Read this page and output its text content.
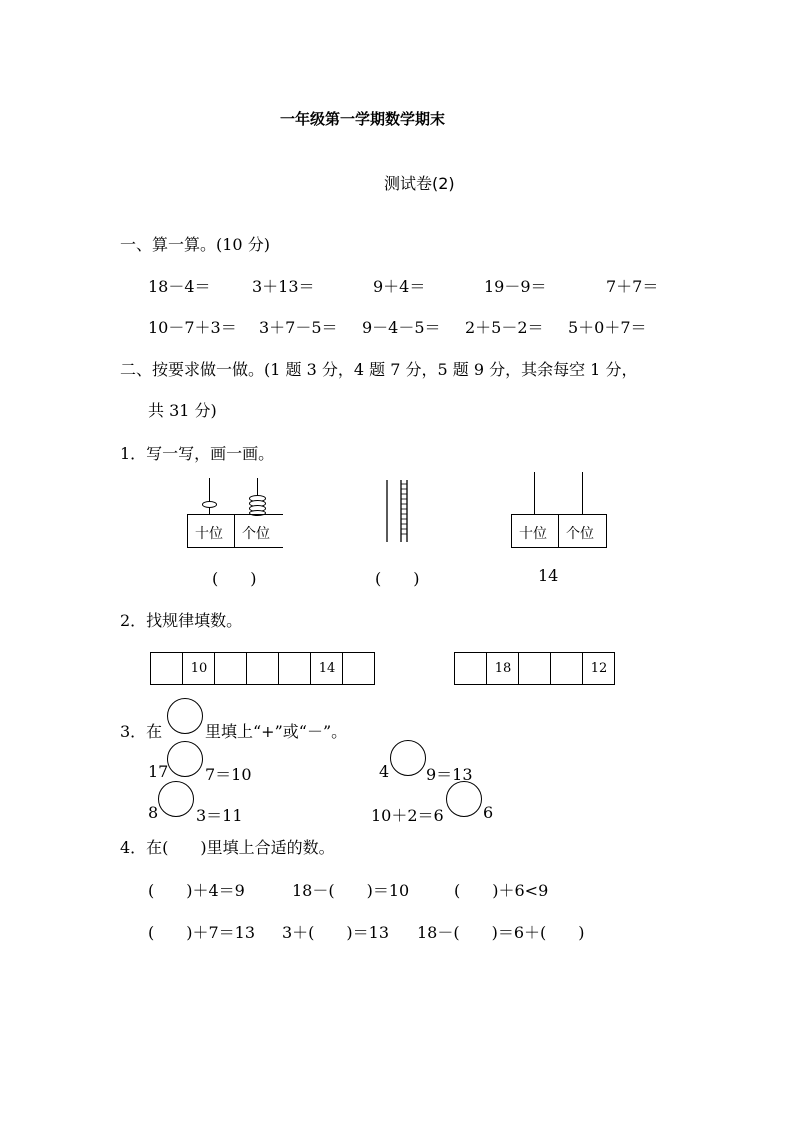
一年级第一学期数学期末
测试卷(2)
一、算一算。(10 分)
18－4＝	3＋13＝	9＋4＝	19－9＝	7＋7＝
10－7＋3＝ 3＋7－5＝ 9－4－5＝ 2＋5－2＝ 5＋0＋7＝
二、按要求做一做。(1 题 3 分，4 题 7 分，5 题 9 分，其余每空 1 分，
共 31 分)
1．写一写，画一画。
十位 个位	十位 个位
(　　)	(　　)	14
2．找规律填数。
10	14	18	12
3．在	里填上“+”或“－”。
17 7＝10	4 9＝13
8 3＝11	10＋2＝6 6
4．在(　　)里填上合适的数。
(　　)＋4＝9	18－(　　)＝10	(　　)＋6<9
(　　)＋7＝13 3＋(　　)＝13 18－(　　)＝6＋(　　)
